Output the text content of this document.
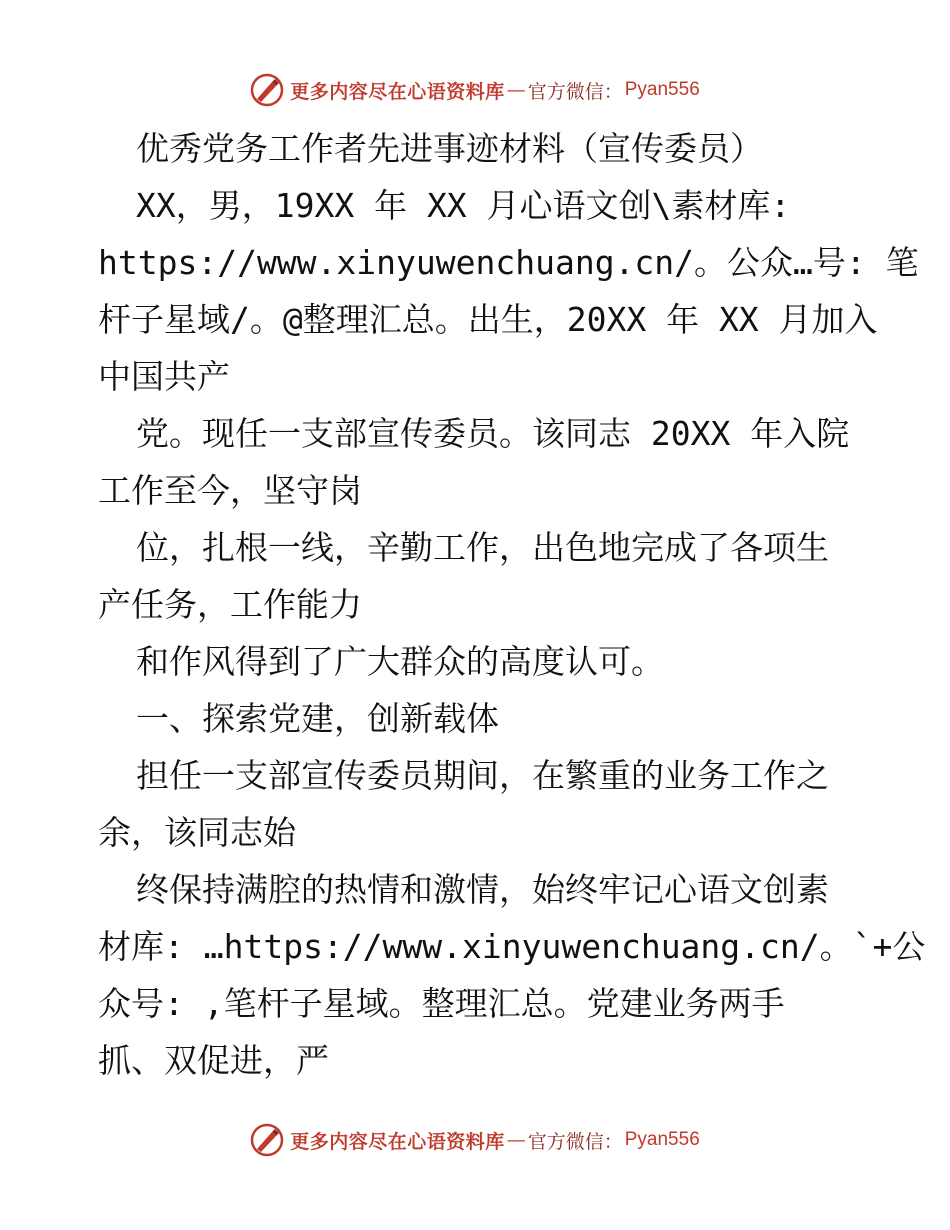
更多内容尽在心语资料库 — 官方微信： Pyan556
优秀党务工作者先进事迹材料（宣传委员）
XX，男，19XX 年 XX 月心语文创\素材库:
https://www.xinyuwenchuang.cn/。公众…号: 笔
杆子星域/。@整理汇总。出生，20XX 年 XX 月加入
中国共产
党。现任一支部宣传委员。该同志 20XX 年入院
工作至今，坚守岗
位，扎根一线，辛勤工作，出色地完成了各项生
产任务，工作能力
和作风得到了广大群众的高度认可。
一、探索党建，创新载体
担任一支部宣传委员期间，在繁重的业务工作之
余，该同志始
终保持满腔的热情和激情，始终牢记心语文创素
材库: …https://www.xinyuwenchuang.cn/。`+公
众号: ,笔杆子星域。整理汇总。党建业务两手
抓、双促进，严
更多内容尽在心语资料库 — 官方微信： Pyan556
